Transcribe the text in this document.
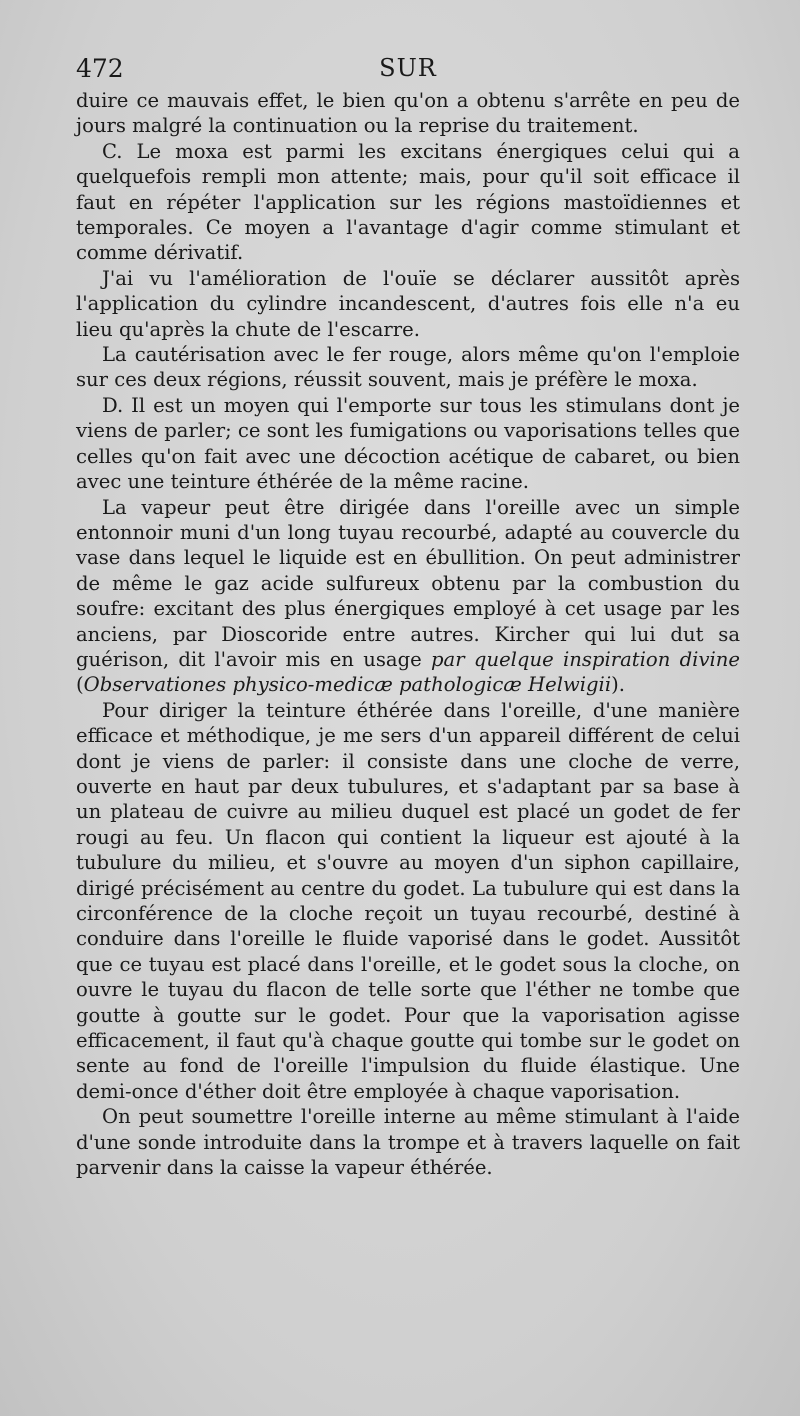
472	SUR

duire ce mauvais effet, le bien qu'on a obtenu s'arrête en peu de jours malgré la continuation ou la reprise du traitement.

C. Le moxa est parmi les excitans énergiques celui qui a quelquefois rempli mon attente; mais, pour qu'il soit efficace il faut en répéter l'application sur les régions mastoïdiennes et temporales. Ce moyen a l'avantage d'agir comme stimulant et comme dérivatif.

J'ai vu l'amélioration de l'ouïe se déclarer aussitôt après l'application du cylindre incandescent, d'autres fois elle n'a eu lieu qu'après la chute de l'escarre.

La cautérisation avec le fer rouge, alors même qu'on l'emploie sur ces deux régions, réussit souvent, mais je préfère le moxa.

D. Il est un moyen qui l'emporte sur tous les stimulans dont je viens de parler; ce sont les fumigations ou vaporisations telles que celles qu'on fait avec une décoction acétique de cabaret, ou bien avec une teinture éthérée de la même racine.

La vapeur peut être dirigée dans l'oreille avec un simple entonnoir muni d'un long tuyau recourbé, adapté au couvercle du vase dans lequel le liquide est en ébullition. On peut administrer de même le gaz acide sulfureux obtenu par la combustion du soufre: excitant des plus énergiques employé à cet usage par les anciens, par Dioscoride entre autres. Kircher qui lui dut sa guérison, dit l'avoir mis en usage par quelque inspiration divine (Observationes physico-medicæ pathologicæ Helwigii).

Pour diriger la teinture éthérée dans l'oreille, d'une manière efficace et méthodique, je me sers d'un appareil différent de celui dont je viens de parler: il consiste dans une cloche de verre, ouverte en haut par deux tubulures, et s'adaptant par sa base à un plateau de cuivre au milieu duquel est placé un godet de fer rougi au feu. Un flacon qui contient la liqueur est ajouté à la tubulure du milieu, et s'ouvre au moyen d'un siphon capillaire, dirigé précisément au centre du godet. La tubulure qui est dans la circonférence de la cloche reçoit un tuyau recourbé, destiné à conduire dans l'oreille le fluide vaporisé dans le godet. Aussitôt que ce tuyau est placé dans l'oreille, et le godet sous la cloche, on ouvre le tuyau du flacon de telle sorte que l'éther ne tombe que goutte à goutte sur le godet. Pour que la vaporisation agisse efficacement, il faut qu'à chaque goutte qui tombe sur le godet on sente au fond de l'oreille l'impulsion du fluide élastique. Une demi-once d'éther doit être employée à chaque vaporisation.

On peut soumettre l'oreille interne au même stimulant à l'aide d'une sonde introduite dans la trompe et à travers laquelle on fait parvenir dans la caisse la vapeur éthérée.
